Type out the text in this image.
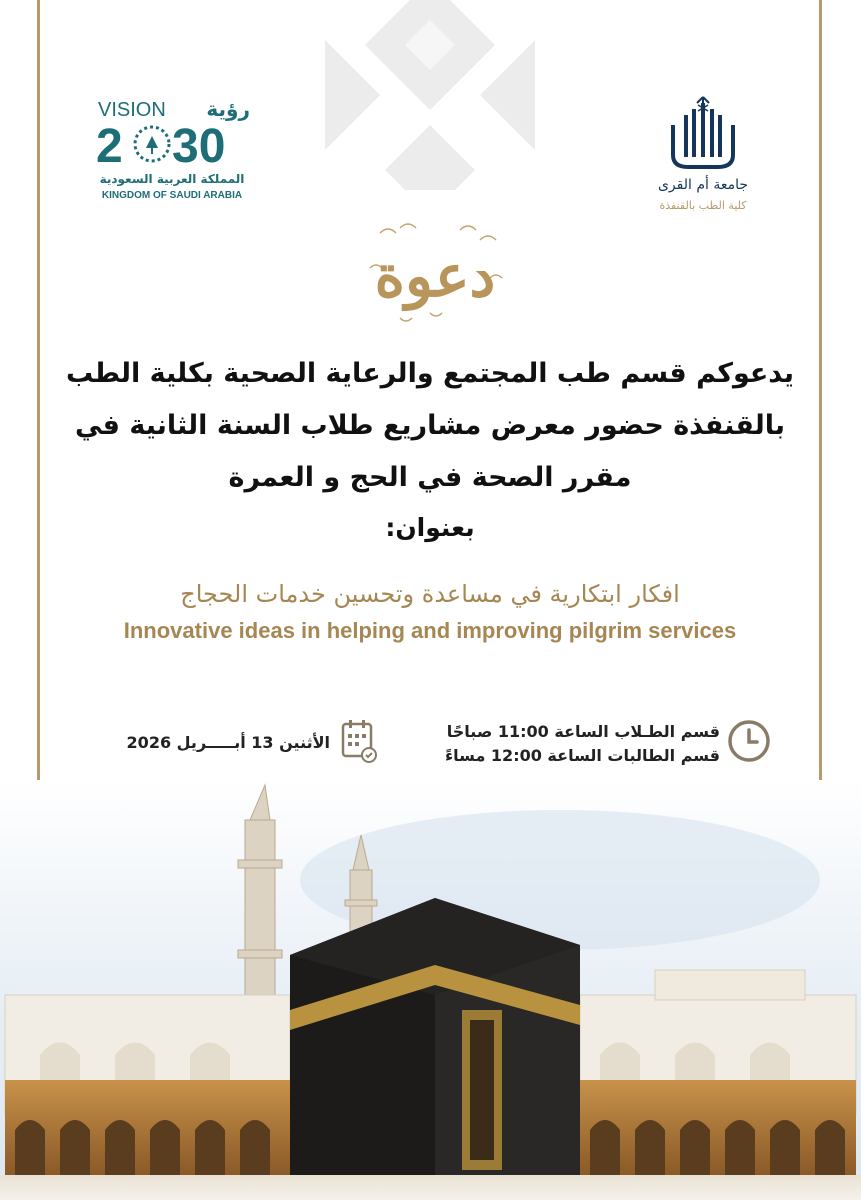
VISION رؤية
2 30
المملكة العربية السعودية
KINGDOM OF SAUDI ARABIA
جامعة أم القرى
كلية الطب بالقنفذة
دعوة
يدعوكم قسم طب المجتمع والرعاية الصحية بكلية الطب
بالقنفذة حضور معرض مشاريع طلاب السنة الثانية في
مقرر الصحة في الحج و العمرة
بعنوان:
افكار ابتكارية في مساعدة وتحسين خدمات الحجاج
Innovative ideas in helping and improving pilgrim services
الأثنين 13 أبـــــريل 2026
قسم الطـلاب الساعة 11:00 صباحًا
قسم الطالبات الساعة 12:00 مساءً
